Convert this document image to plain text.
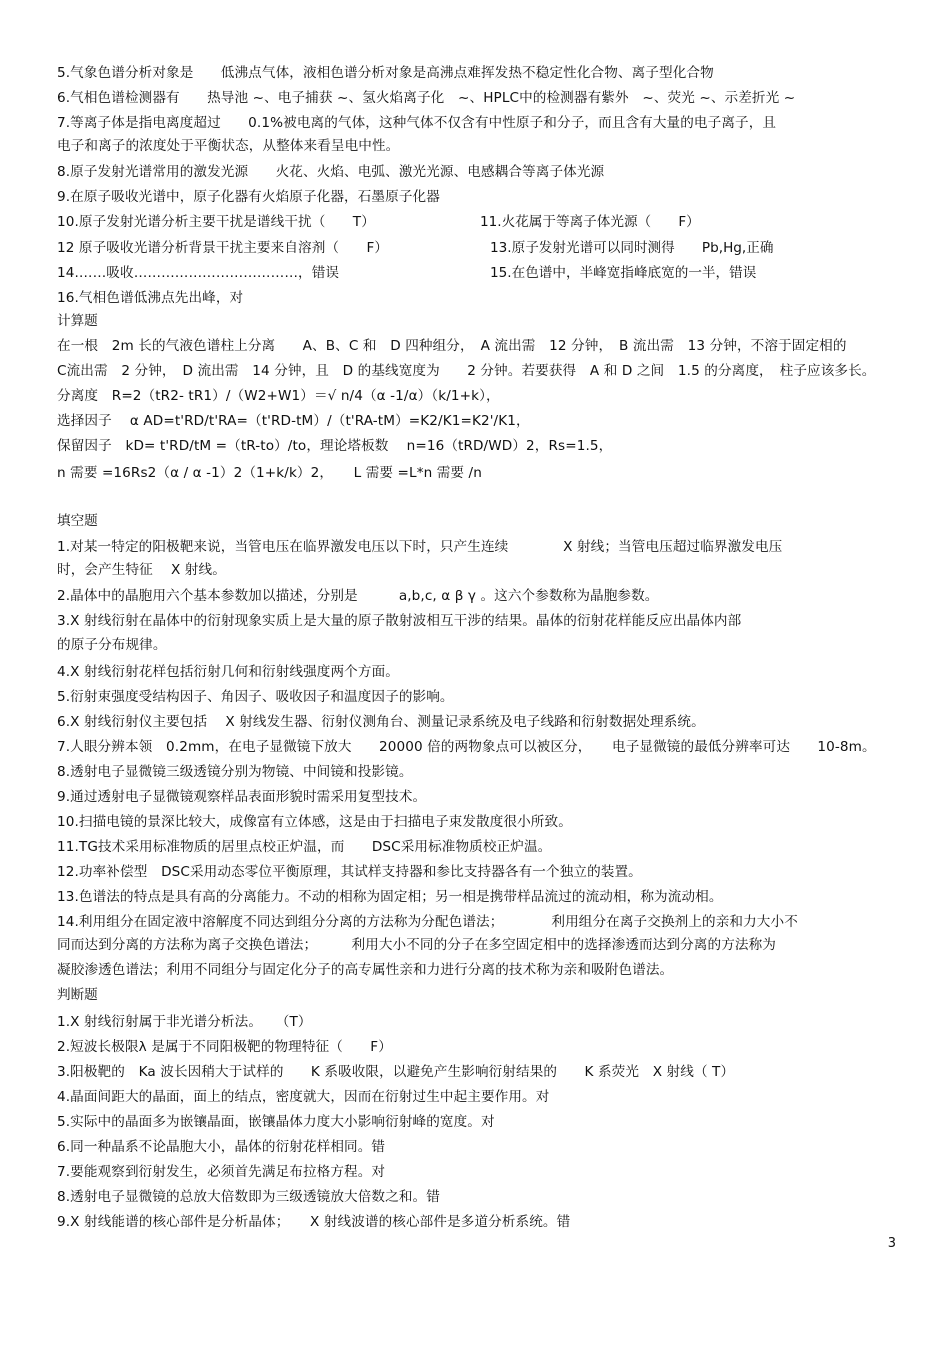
5.气象色谱分析对象是　　低沸点气体，液相色谱分析对象是高沸点难挥发热不稳定性化合物、离子型化合物
6.气相色谱检测器有　　热导池 ~、电子捕获 ~、氢火焰离子化　~、HPLC中的检测器有紫外　~、荧光 ~、示差折光 ~
7.等离子体是指电离度超过　　0.1%被电离的气体，这种气体不仅含有中性原子和分子，而且含有大量的电子离子，且
电子和离子的浓度处于平衡状态，从整体来看呈电中性。
8.原子发射光谱常用的激发光源　　火花、火焰、电弧、激光光源、电感耦合等离子体光源
9.在原子吸收光谱中，原子化器有火焰原子化器，石墨原子化器
10.原子发射光谱分析主要干扰是谱线干扰（　　T）	11.火花属于等离子体光源（　　F）
12 原子吸收光谱分析背景干扰主要来自溶剂（　　F）	13.原子发射光谱可以同时测得　　Pb,Hg,正确
14.……吸收………………………………，错误	15.在色谱中，半峰宽指峰底宽的一半，错误
16.气相色谱低沸点先出峰，对
计算题
在一根　2m 长的气液色谱柱上分离　　A、B、C 和　D 四种组分，　A 流出需　12 分钟，　B 流出需　13 分钟，不溶于固定相的
C流出需　2 分钟，　D 流出需　14 分钟，且　D 的基线宽度为　　2 分钟。若要获得　A 和 D 之间　1.5 的分离度，　柱子应该多长。
分离度　R=2（tR2- tR1）/（W2+W1）＝√ n/4（α -1/α）（k/1+k），
选择因子　 α AD=t'RD/t'RA=（t'RD-tM）/（t'RA-tM）=K2/K1=K2'/K1，
保留因子　kD= t'RD/tM =（tR-to）/to，理论塔板数　 n=16（tRD/WD）2，Rs=1.5，
n 需要 =16Rs2（α / α -1）2（1+k/k）2，　　L 需要 =L*n 需要 /n
填空题
1.对某一特定的阳极靶来说，当管电压在临界激发电压以下时，只产生连续　　　　X 射线；当管电压超过临界激发电压
时，会产生特征　 X 射线。
2.晶体中的晶胞用六个基本参数加以描述，分别是　　　a,b,c, α β γ 。这六个参数称为晶胞参数。
3.X 射线衍射在晶体中的衍射现象实质上是大量的原子散射波相互干涉的结果。晶体的衍射花样能反应出晶体内部
的原子分布规律。
4.X 射线衍射花样包括衍射几何和衍射线强度两个方面。
5.衍射束强度受结构因子、角因子、吸收因子和温度因子的影响。
6.X 射线衍射仪主要包括　 X 射线发生器、衍射仪测角台、测量记录系统及电子线路和衍射数据处理系统。
7.人眼分辨本领　0.2mm，在电子显微镜下放大　　20000 倍的两物象点可以被区分，　　电子显微镜的最低分辨率可达　　10-8m。
8.透射电子显微镜三级透镜分别为物镜、中间镜和投影镜。
9.通过透射电子显微镜观察样品表面形貌时需采用复型技术。
10.扫描电镜的景深比较大，成像富有立体感，这是由于扫描电子束发散度很小所致。
11.TG技术采用标准物质的居里点校正炉温，而　　DSC采用标准物质校正炉温。
12.功率补偿型　DSC采用动态零位平衡原理，其试样支持器和参比支持器各有一个独立的装置。
13.色谱法的特点是具有高的分离能力。不动的相称为固定相；另一相是携带样品流过的流动相，称为流动相。
14.利用组分在固定液中溶解度不同达到组分分离的方法称为分配色谱法；　　　　利用组分在离子交换剂上的亲和力大小不
同而达到分离的方法称为离子交换色谱法；　　　利用大小不同的分子在多空固定相中的选择渗透而达到分离的方法称为
凝胶渗透色谱法；利用不同组分与固定化分子的高专属性亲和力进行分离的技术称为亲和吸附色谱法。
判断题
1.X 射线衍射属于非光谱分析法。　　（T）
2.短波长极限λ 是属于不同阳极靶的物理特征（　　F）
3.阳极靶的　Ka 波长因稍大于试样的　　K 系吸收限，以避免产生影响衍射结果的　　K 系荧光　X 射线（ T）
4.晶面间距大的晶面，面上的结点，密度就大，因而在衍射过生中起主要作用。对
5.实际中的晶面多为嵌镶晶面，嵌镶晶体力度大小影响衍射峰的宽度。对
6.同一种晶系不论晶胞大小，晶体的衍射花样相同。错
7.要能观察到衍射发生，必须首先满足布拉格方程。对
8.透射电子显微镜的总放大倍数即为三级透镜放大倍数之和。错
9.X 射线能谱的核心部件是分析晶体；　　X 射线波谱的核心部件是多道分析系统。错
3
